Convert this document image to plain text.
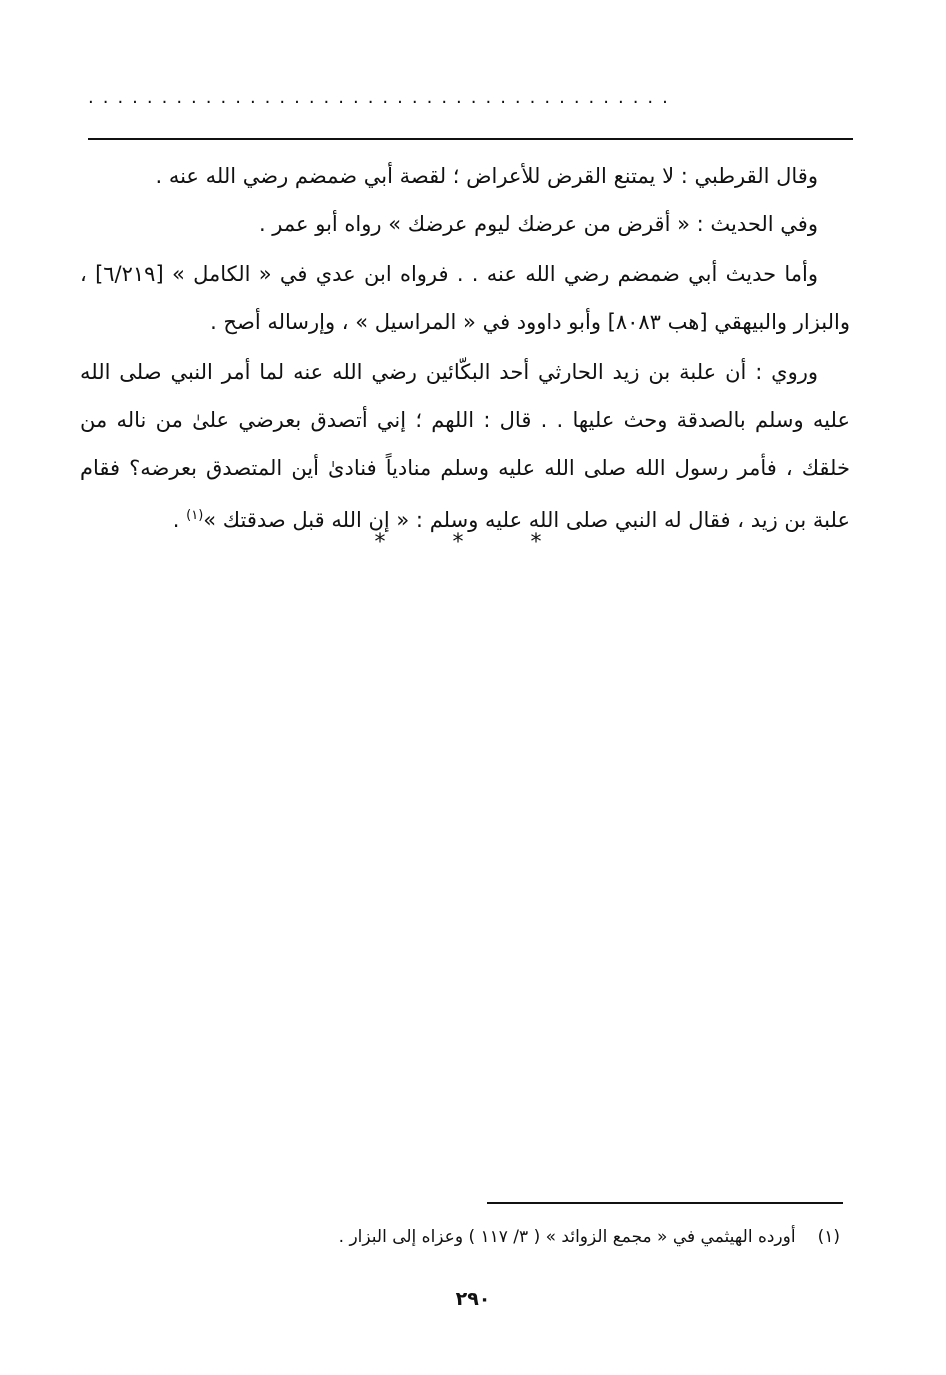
........................................

وقال القرطبي : لا يمتنع القرض للأعراض ؛ لقصة أبي ضمضم رضي الله عنه .

وفي الحديث : « أقرض من عرضك ليوم عرضك » رواه أبو عمر .

وأما حديث أبي ضمضم رضي الله عنه . . فرواه ابن عدي في « الكامل » [٦/٢١٩] ، والبزار والبيهقي [هب ٨٠٨٣] وأبو داوود في « المراسيل » ، وإرساله أصح .

وروي : أن علبة بن زيد الحارثي أحد البكّائين رضي الله عنه لما أمر النبي صلى الله عليه وسلم بالصدقة وحث عليها . . قال : اللهم ؛ إني أتصدق بعرضي علىٰ من ناله من خلقك ، فأمر رسول الله صلى الله عليه وسلم منادياً فنادىٰ أين المتصدق بعرضه؟ فقام علبة بن زيد ، فقال له النبي صلى الله عليه وسلم : « إن الله قبل صدقتك »$^{(١)}$ .

* * *
(١)أورده الهيثمي في « مجمع الزوائد » ( ٣/ ١١٧ ) وعزاه إلى البزار .
٢٩٠
